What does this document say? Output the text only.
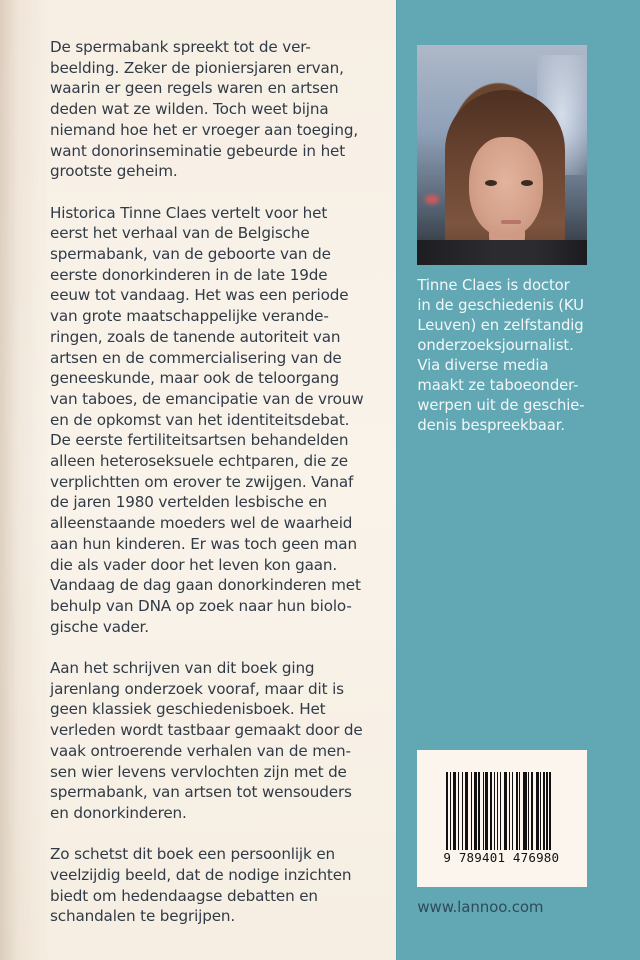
De spermabank spreekt tot de ver-
beelding. Zeker de pioniersjaren ervan,
waarin er geen regels waren en artsen
deden wat ze wilden. Toch weet bijna
niemand hoe het er vroeger aan toeging,
want donorinseminatie gebeurde in het
grootste geheim.

Historica Tinne Claes vertelt voor het
eerst het verhaal van de Belgische
spermabank, van de geboorte van de
eerste donorkinderen in de late 19de
eeuw tot vandaag. Het was een periode
van grote maatschappelijke verande-
ringen, zoals de tanende autoriteit van
artsen en de commercialisering van de
geneeskunde, maar ook de teloorgang
van taboes, de emancipatie van de vrouw
en de opkomst van het identiteitsdebat.
De eerste fertiliteitsartsen behandelden
alleen heteroseksuele echtparen, die ze
verplichtten om erover te zwijgen. Vanaf
de jaren 1980 vertelden lesbische en
alleenstaande moeders wel de waarheid
aan hun kinderen. Er was toch geen man
die als vader door het leven kon gaan.
Vandaag de dag gaan donorkinderen met
behulp van DNA op zoek naar hun biolo-
gische vader.

Aan het schrijven van dit boek ging
jarenlang onderzoek vooraf, maar dit is
geen klassiek geschiedenisboek. Het
verleden wordt tastbaar gemaakt door de
vaak ontroerende verhalen van de men-
sen wier levens vervlochten zijn met de
spermabank, van artsen tot wensouders
en donorkinderen.

Zo schetst dit boek een persoonlijk en
veelzijdig beeld, dat de nodige inzichten
biedt om hedendaagse debatten en
schandalen te begrijpen.

Tinne Claes is doctor
in de geschiedenis (KU
Leuven) en zelfstandig
onderzoeksjournalist.
Via diverse media
maakt ze taboeonder-
werpen uit de geschie-
denis bespreekbaar.
9 789401 476980
www.lannoo.com
